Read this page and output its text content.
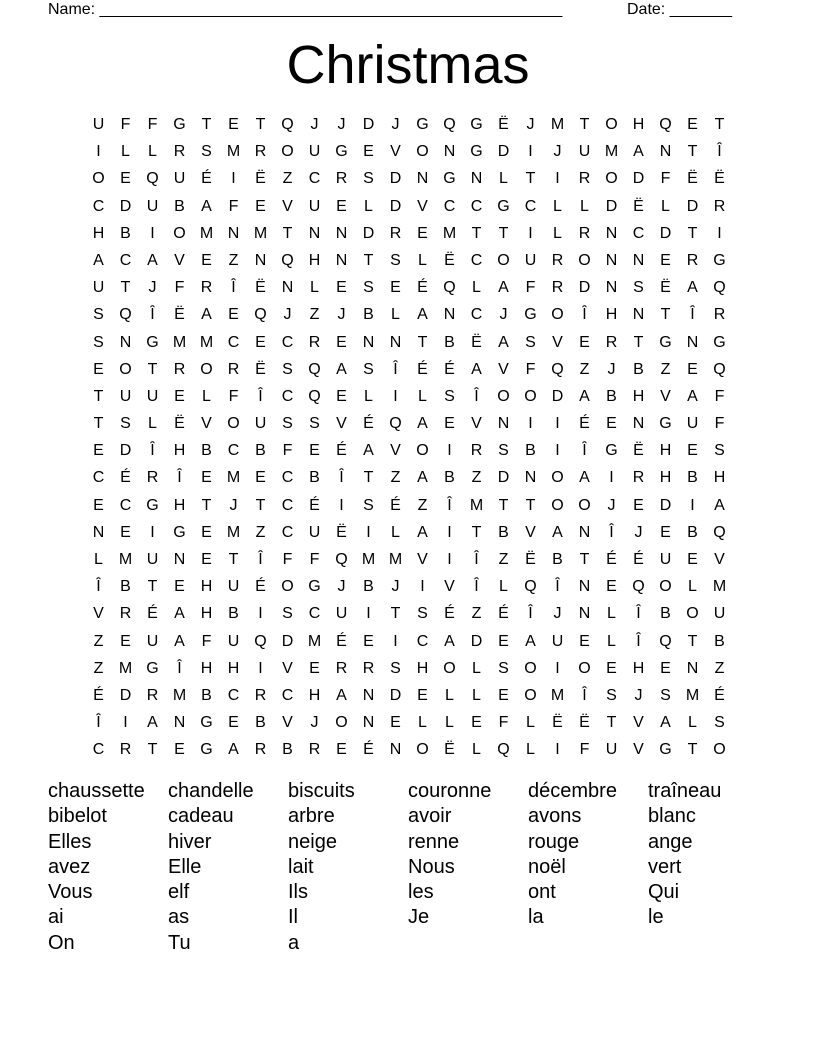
Name: ____________________________________________________	Date: _______
Christmas
U	F	F G T	E	T Q	J	J	D	J	G Q G Ë	J	M T O H Q E	T
I	L	L	R S M R O U G E	V O N G D	I	J	U M A N	T	Î
O E Q U É	I	Ë	Z	C R S D N G N	L	T	I	R O D	F	Ë	Ë
C D U B	A	F	E	V U E	L	D V C C G C	L	L	D Ë	L	D R
H B	I	O M N M T	N N D R E M T	T	I	L	R N C D	T	I
A C A	V	E	Z	N Q H N	T	S	L	Ë C O U R O N N E R G
U	T	J	F	R	Î	Ë N	L	E	S	E	É Q	L	A	F	R D N S	Ë	A Q
S Q	Î	Ë	A	E Q	J	Z	J	B	L	A N C	J	G O	Î	H N	T	Î	R
S N G M M C E C R E N N	T	B	Ë	A	S	V	E R	T G N G
E O T	R O R Ë	S Q A	S	Î	É	É	A	V	F Q Z	J	B	Z	E Q
T	U U E	L	F	Î	C Q E	L	I	L	S	Î	O O D A	B H V	A	F
T	S	L	Ë	V O U S	S	V	É Q A	E	V N	I	I	É	E N G U	F
E D	Î	H B C B	F	E	É	A	V O	I	R S	B	I	Î	G Ë H E	S
C É R	Î	E M E C B	Î	T	Z	A	B	Z	D N O A	I	R H B H
E C G H	T	J	T	C É	I	S	É	Z	Î	M T	T O O	J	E D	I	A
N E	I	G E M Z	C U Ë	I	L	A	I	T	B	V	A N	Î	J	E	B Q
L M U N E	T	Î	F	F Q M M V	I	Î	Z	Ë	B	T	É	É U E	V
Î	B	T	E H U É O G	J	B	J	I	V	Î	L	Q	Î	N E Q O	L M
V R É	A H B	I	S C U	I	T	S	É	Z	É	Î	J	N	L	Î	B O U
Z	E U A	F	U Q D M É	E	I	C A D E	A U E	L	Î	Q T	B
Z M G	Î	H H	I	V	E R R S H O	L	S O	I	O E H E N	Z
É D R M B C R C H A N D E	L	L	E O M	Î	S	J	S M É
Î	I	A N G E	B	V	J	O N E	L	L	E	F	L	Ë	Ë	T	V	A	L	S
C R	T	E G A R B R E	É N O Ë	L	Q	L	I	F	U V G T O
chaussette	chandelle	biscuits	couronne	décembre	traîneau
bibelot	cadeau	arbre	avoir	avons	blanc
Elles	hiver	neige	renne	rouge	ange
avez	Elle	lait	Nous	noël	vert
Vous	elf	Ils	les	ont	Qui
ai	as	Il	Je	la	le
On	Tu	a
